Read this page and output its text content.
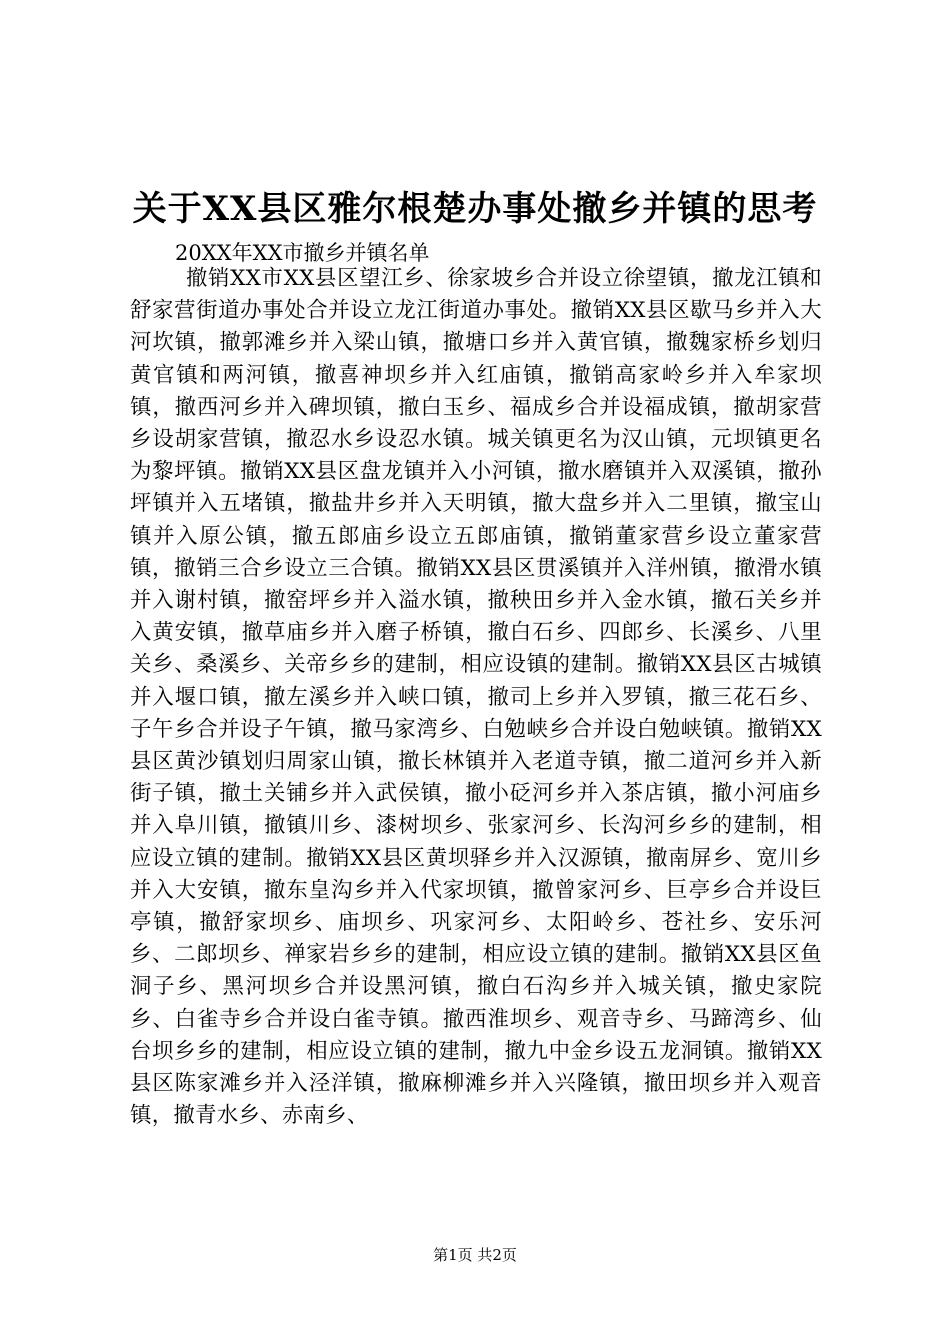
关于XX县区雅尔根楚办事处撤乡并镇的思考
20XX年XX市撤乡并镇名单

撤销XX市XX县区望江乡、徐家坡乡合并设立徐望镇，撤龙江镇和舒家营街道办事处合并设立龙江街道办事处。撤销XX县区歇马乡并入大河坎镇，撤郭滩乡并入梁山镇，撤塘口乡并入黄官镇，撤魏家桥乡划归黄官镇和两河镇，撤喜神坝乡并入红庙镇，撤销高家岭乡并入牟家坝镇，撤西河乡并入碑坝镇，撤白玉乡、福成乡合并设福成镇，撤胡家营乡设胡家营镇，撤忍水乡设忍水镇。城关镇更名为汉山镇，元坝镇更名为黎坪镇。撤销XX县区盘龙镇并入小河镇，撤水磨镇并入双溪镇，撤孙坪镇并入五堵镇，撤盐井乡并入天明镇，撤大盘乡并入二里镇，撤宝山镇并入原公镇，撤五郎庙乡设立五郎庙镇，撤销董家营乡设立董家营镇，撤销三合乡设立三合镇。撤销XX县区贯溪镇并入洋州镇，撤滑水镇并入谢村镇，撤窑坪乡并入溢水镇，撤秧田乡并入金水镇，撤石关乡并入黄安镇，撤草庙乡并入磨子桥镇，撤白石乡、四郎乡、长溪乡、八里关乡、桑溪乡、关帝乡乡的建制，相应设镇的建制。撤销XX县区古城镇并入堰口镇，撤左溪乡并入峡口镇，撤司上乡并入罗镇，撤三花石乡、子午乡合并设子午镇，撤马家湾乡、白勉峡乡合并设白勉峡镇。撤销XX县区黄沙镇划归周家山镇，撤长林镇并入老道寺镇，撤二道河乡并入新街子镇，撤土关铺乡并入武侯镇，撤小砭河乡并入茶店镇，撤小河庙乡并入阜川镇，撤镇川乡、漆树坝乡、张家河乡、长沟河乡乡的建制，相应设立镇的建制。撤销XX县区黄坝驿乡并入汉源镇，撤南屏乡、宽川乡并入大安镇，撤东皇沟乡并入代家坝镇，撤曾家河乡、巨亭乡合并设巨亭镇，撤舒家坝乡、庙坝乡、巩家河乡、太阳岭乡、苍社乡、安乐河乡、二郎坝乡、禅家岩乡乡的建制，相应设立镇的建制。撤销XX县区鱼洞子乡、黑河坝乡合并设黑河镇，撤白石沟乡并入城关镇，撤史家院乡、白雀寺乡合并设白雀寺镇。撤西淮坝乡、观音寺乡、马蹄湾乡、仙台坝乡乡的建制，相应设立镇的建制，撤九中金乡设五龙洞镇。撤销XX县区陈家滩乡并入泾洋镇，撤麻柳滩乡并入兴隆镇，撤田坝乡并入观音镇，撤青水乡、赤南乡、

第1页 共2页
